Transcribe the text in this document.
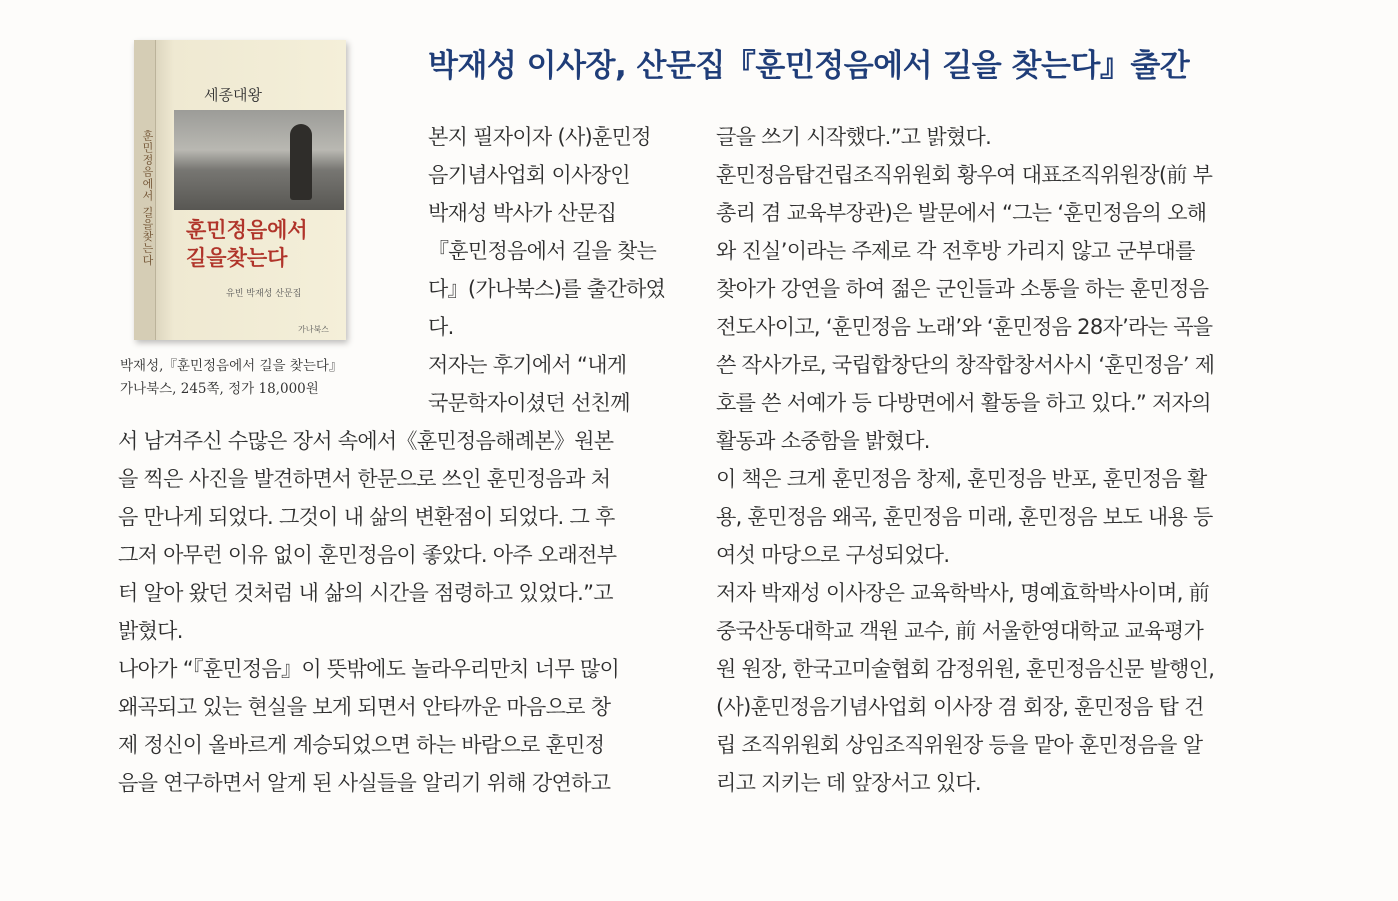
박재성 이사장, 산문집『훈민정음에서 길을 찾는다』출간
훈민정음에서 길을찾는다
세종대왕
훈민정음에서
길을찾는다
유빈 박재성 산문집
가나북스
박재성,『훈민정음에서 길을 찾는다』
가나북스, 245쪽, 정가 18,000원

본지 필자이자 (사)훈민정

음기념사업회 이사장인

박재성 박사가 산문집

『훈민정음에서 길을 찾는

다』(가나북스)를 출간하였

다.

저자는 후기에서 “내게

국문학자이셨던 선친께

서 남겨주신 수많은 장서 속에서《훈민정음해례본》원본

을 찍은 사진을 발견하면서 한문으로 쓰인 훈민정음과 처

음 만나게 되었다. 그것이 내 삶의 변환점이 되었다. 그 후

그저 아무런 이유 없이 훈민정음이 좋았다. 아주 오래전부

터 알아 왔던 것처럼 내 삶의 시간을 점령하고 있었다.”고

밝혔다.

나아가 “『훈민정음』이 뜻밖에도 놀라우리만치 너무 많이

왜곡되고 있는 현실을 보게 되면서 안타까운 마음으로 창

제 정신이 올바르게 계승되었으면 하는 바람으로 훈민정

음을 연구하면서 알게 된 사실들을 알리기 위해 강연하고

글을 쓰기 시작했다.”고 밝혔다.

훈민정음탑건립조직위원회 황우여 대표조직위원장(前 부

총리 겸 교육부장관)은 발문에서 “그는 ‘훈민정음의 오해

와 진실’이라는 주제로 각 전후방 가리지 않고 군부대를

찾아가 강연을 하여 젊은 군인들과 소통을 하는 훈민정음

전도사이고, ‘훈민정음 노래’와 ‘훈민정음 28자’라는 곡을

쓴 작사가로, 국립합창단의 창작합창서사시 ‘훈민정음’ 제

호를 쓴 서예가 등 다방면에서 활동을 하고 있다.” 저자의

활동과 소중함을 밝혔다.

이 책은 크게 훈민정음 창제, 훈민정음 반포, 훈민정음 활

용, 훈민정음 왜곡, 훈민정음 미래, 훈민정음 보도 내용 등

여섯 마당으로 구성되었다.

저자 박재성 이사장은 교육학박사, 명예효학박사이며, 前

중국산동대학교 객원 교수, 前 서울한영대학교 교육평가

원 원장, 한국고미술협회 감정위원, 훈민정음신문 발행인,

(사)훈민정음기념사업회 이사장 겸 회장, 훈민정음 탑 건

립 조직위원회 상임조직위원장 등을 맡아 훈민정음을 알

리고 지키는 데 앞장서고 있다.
